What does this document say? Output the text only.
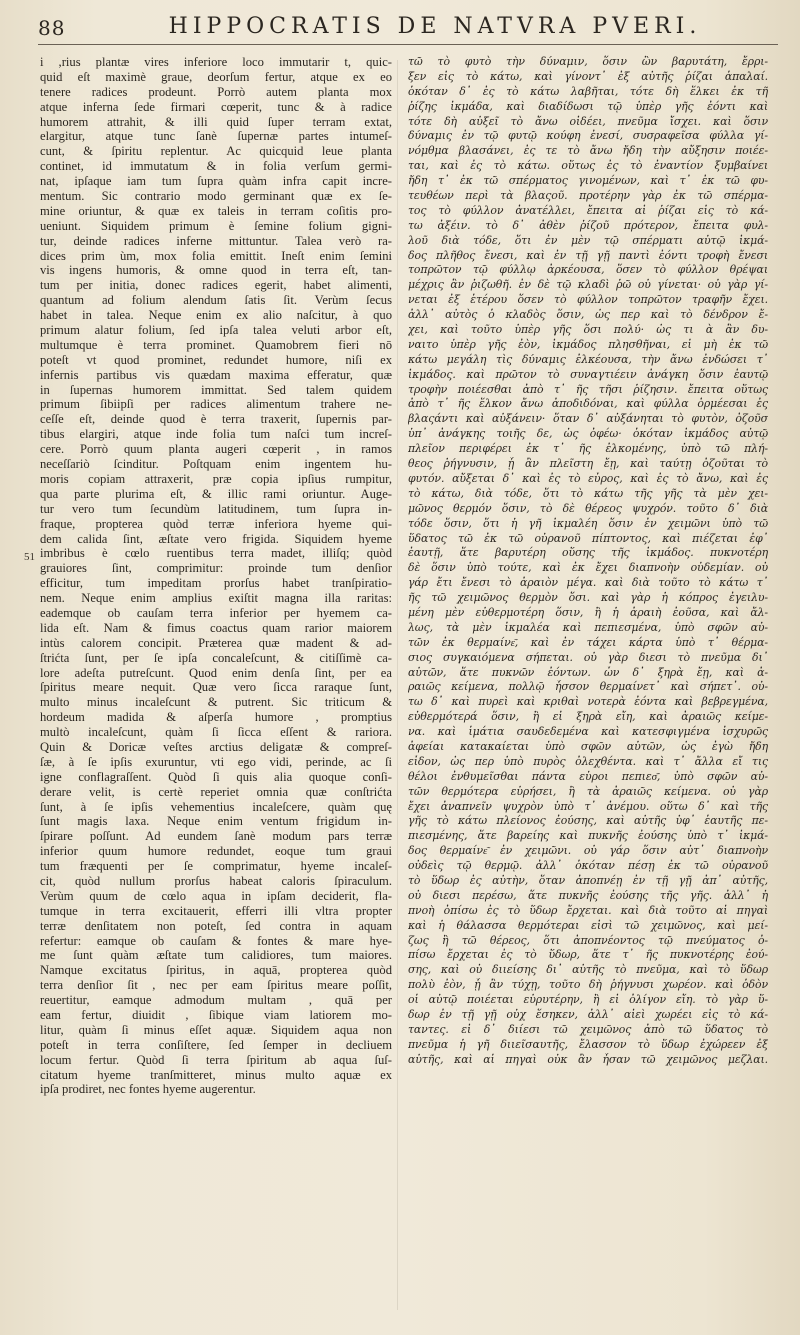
88	HIPPOCRATIS DE NATVRA PVERI.
i ,rius plantæ vires inferiore loco immutarir t, quic-
quid eſt maximè graue, deorſum fertur, atque ex eo
tenere radices prodeunt. Porrò autem planta mox
atque inferna ſede firmari cœperit, tunc & à radice
humorem attrahit, & illi quid ſuper terram extat,
elargitur, atque tunc ſanè ſupernæ partes intumeſ-
cunt, & ſpiritu replentur. Ac quicquid leue planta
continet, id immutatum & in folia verſum germi-
nat, ipſaque iam tum ſupra quàm infra capit incre-
mentum. Sic contrario modo germinant quæ ex ſe-
mine oriuntur, & quæ ex taleis in terram coſitis pro-
ueniunt. Siquidem primum è ſemine folium gigni-
tur, deinde radices inferne mittuntur. Talea verò ra-
dices prim ùm, mox folia emittit. Ineſt enim ſemini
vis ingens humoris, & omne quod in terra eſt, tan-
tum per initia, donec radices egerit, habet alimenti,
quantum ad folium alendum ſatis ſit. Verùm ſecus
habet in talea. Neque enim ex alio naſcitur, à quo
primum alatur folium, ſed ipſa talea veluti arbor eſt,
multumque è terra prominet. Quamobrem fieri nō
poteſt vt quod prominet, redundet humore, niſi ex
infernis partibus vis quædam maxima efferatur, quæ
in ſupernas humorem immittat. Sed talem quidem
primum ſibiipſi per radices alimentum trahere ne-
ceſſe eſt, deinde quod è terra traxerit, ſupernis par-
tibus elargiri, atque inde folia tum naſci tum increſ-
cere. Porrò quum planta augeri cœperit , in ramos
neceſſariò ſcinditur. Poſtquam enim ingentem hu-
moris copiam attraxerit, præ copia ipſius rumpitur,
qua parte plurima eſt, & illic rami oriuntur. Auge-
tur vero tum ſecundùm latitudinem, tum ſupra in-
fraque, propterea quòd terræ inferiora hyeme qui-
dem calida ſint, æſtate vero frigida. Siquidem hyeme
imbribus è cœlo ruentibus terra madet, illiſq; quòd
grauiores ſint, comprimitur: proinde tum denſior
efficitur, tum impeditam prorſus habet tranſpiratio-
nem. Neque enim amplius exiſtit magna illa raritas:
eademque ob cauſam terra inferior per hyemem ca-
lida eſt. Nam & fimus coactus quam rarior maiorem
intùs calorem concipit. Præterea quæ madent & ad-
ſtrićta ſunt, per ſe ipſa concaleſcunt, & citiſſimè ca-
lore adeſta putreſcunt. Quod enim denſa ſint, per ea
ſpiritus meare nequit. Quæ vero ſicca raraque ſunt,
multo minus incaleſcunt & putrent. Sic triticum &
hordeum madida & aſperſa humore , promptius
multò incaleſcunt, quàm ſi ſicca eſſent & rariora.
Quin & Doricæ veſtes arctius deligatæ & compreſ-
ſæ, à ſe ipſis exuruntur, vti ego vidi, perinde, ac ſi
igne conflagraſſent. Quòd ſi quis alia quoque conſi-
derare velit, is certè reperiet omnia quæ conſtrićta
ſunt, à ſe ipſis vehementius incaleſcere, quàm quę
ſunt magis laxa. Neque enim ventum frigidum in-
ſpirare poſſunt. Ad eundem ſanè modum pars terræ
inferior quum humore redundet, eoque tum graui
tum fræquenti per ſe comprimatur, hyeme incaleſ-
cit, quòd nullum prorſus habeat caloris ſpiraculum.
Verùm quum de cœlo aqua in ipſam deciderit, fla-
tumque in terra excitauerit, efferri illi vltra propter
terræ denſitatem non poteſt, ſed contra in aquam
refertur: eamque ob cauſam & fontes & mare hye-
me ſunt quàm æſtate tum calidiores, tum maiores.
Namque excitatus ſpiritus, in aquā, propterea quòd
terra denſior ſit , nec per eam ſpiritus meare poſſit,
reuertitur, eamque admodum multam , quā per
eam fertur, diuidit , ſibique viam latiorem mo-
litur, quàm ſi minus eſſet aquæ. Siquidem aqua non
poteſt in terra conſiſtere, ſed ſemper in decliuem
locum fertur. Quòd ſi terra ſpiritum ab aqua ſuſ-
citatum hyeme tranſmitteret, minus multo aquæ ex
ipſa prodiret, nec fontes hyeme augerentur.
τῶ τὸ φυτὸ τὴν δύναμιν, ὅσιν ὢν βαρυτάτη, ἔρρι-
ξεν εἰς τὸ κάτω, καὶ γίνοντ᾽ ἐξ αὐτῆς ῥίζαι ἁπαλαί.
ὁκόταν δ᾽ ἐς τὸ κάτω λαβῆται, τότε δὴ ἕλκει ἐκ τῆ
ῥίζης ἰκμάδα, καὶ διαδίδωσι τῷ ὑπὲρ γῆς ἐόντι καὶ
τότε δὴ αὐξεῖ τὸ ἄνω οἰδέει, πνεῦμα ἴσχει. καὶ ὅσιν
δύναμις ἐν τῷ φυτῷ κούφη ἐνεσί, συσραφεῖσα φύλλα γί-
νόμθμα βλασάνει, ἐς τε τὸ ἄνω ἤδη τὴν αὔξησιν ποιέε-
ται, καὶ ἐς τὸ κάτω. οὕτως ἐς τὸ ἐναντίον ξυμβαίνει
ἤδη τ᾽ ἐκ τῶ σπέρματος γινομένων, καὶ τ᾽ ἐκ τῶ φυ-
τευθέων περὶ τὰ βλαςοῦ. προτέρην γὰρ ἐκ τῶ σπέρμα-
τος τὸ φύλλον ἀνατέλλει, ἔπειτα αἱ ῥίζαι εἰς τὸ κά-
τω ἀξέιν. τὸ δ᾽ ἀθὲν ῥίζοῦ πρότερον, ἔπειτα φυλ-
λοῦ διὰ τόδε, ὅτι ἐν μὲν τῷ σπέρματι αὐτῷ ἰκμά-
δος πλῆθος ἔνεσι, καὶ ἐν τῇ γῇ παντὶ ἐόντι τροφὴ ἔνεσι
τοπρῶτον τῷ φύλλῳ ἀρκέουσα, ὅσεν τὸ φύλλον θρέψαι
μέχρις ἂν ῥιζωθῆ. ἐν δὲ τῷ κλαδὶ ῥῶ οὐ γίνεται· οὐ γὰρ γί-
νεται ἐξ ἑτέρου ὅσεν τὸ φύλλον τοπρῶτον τραφῆν ἔχει.
ἀλλ᾽ αὐτὸς ὁ κλαδὸς ὅσιν, ὡς περ καὶ τὸ δένδρον ἔ-
χει, καὶ τοῦτο ὑπὲρ γῆς ὅσι πολύ· ὡς τι ὰ ἂν δυ-
ναιτο ὑπὲρ γῆς ἐὸν, ἰκμάδος πλησθῆναι, εἰ μὴ ἐκ τῶ
κάτω μεγάλη τὶς δύναμις ἐλκέουσα, τὴν ἄνω ἐνδώσει τ᾽
ἰκμάδος. καὶ πρῶτον τὸ συναγτιέειν ἀνάγκη ὅσιν ἑαυτῷ
τροφὴν ποιέεσθαι ἀπὸ τ᾽ ῆς τῆσι ῥίζησιν. ἔπειτα οὕτως
ἀπὸ τ᾽ ῆς ἕλκον ἄνω ἀποδιδόναι, καὶ φύλλα ὁρμέεσαι ἐς
βλαςάντι καὶ αὐξάνειν· ὅταν δ᾽ αὐξάνηται τὸ φυτὸν, ὀζοῦσ
ὑπ᾽ ἀνάγκης τοιῆς δε, ὡς ὀφέω· ὁκόταν ἰκμάδος αὐτῷ
πλεῖον περιφέρει ἐκ τ᾽ ῆς ἐλκομένης, ὑπὸ τῶ πλή-
θεος ῥήγνυσιν, ᾗ ἂν πλεῖστη ἔῃ, καὶ ταύτῃ ὀζοῦται τὸ
φυτόν. αὔξεται δ᾽ καὶ ἐς τὸ εὖρος, καὶ ἐς τὸ ἄνω, καὶ ἐς
τὸ κάτω, διὰ τόδε, ὅτι τὸ κάτω τῆς γῆς τὰ μὲν χει-
μῶνος θερμόν ὅσιν, τὸ δὲ θέρεος ψυχρόν. τοῦτο δ᾽ διὰ
τόδε ὅσιν, ὅτι ἡ γῆ ἰκμαλέη ὅσιν ἐν χειμῶνι ὑπὸ τῶ
ὕδατος τῶ ἐκ τῶ οὐρανοῦ πίπτοντος, καὶ πιέζεται ἐφ᾽
ἑαυτῇ, ἅτε βαρυτέρη οὕσης τῆς ἰκμάδος. πυκνοτέρη
δὲ ὅσιν ὑπὸ τούτε, καὶ ἐκ ἔχει διαπνοὴν οὐδεμίαν. οὐ
γάρ ἔτι ἔνεσι τὸ ἀραιὸν μέγα. καὶ διὰ τοῦτο τὸ κάτω τ᾽
ῆς τῶ χειμῶνος θερμὸν ὅσι. καὶ γὰρ ἡ κόπρος ἐγειλυ-
μένη μὲν εὐθερμοτέρη ὅσιν, ἢ ἡ ἀραιὴ ἐοῦσα, καὶ ἄλ-
λως, τὰ μὲν ἰκμαλέα καὶ πεπιεσμένα, ὑπὸ σφῶν αὐ-
τῶν ἐκ θερμαίνε͂, καὶ ἐν τάχει κάρτα ὑπὸ τ᾽ θέρμα-
σιος συγκαιόμενα σήπεται. οὐ γὰρ διεσι τὸ πνεῦμα δι᾽
αὐτῶν, ἅτε πυκνῶν ἐόντων. ὧν δ᾽ ξηρὰ ἔῃ, καὶ ἀ-
ραιῶς κείμενα, πολλῷ ἧσσον θερμαίνετ᾽ καὶ σήπετ᾽. οὐ-
τω δ᾽ καὶ πυρεὶ καὶ κριθαὶ νοτερὰ ἐόντα καὶ βεβρεγμένα,
εὐθερμότερά ὅσιν, ἢ εἰ ξηρὰ εἴη, καὶ ἀραιῶς κείμε-
να. καὶ ἱμάτια σαυδεδεμένα καὶ κατεσφιγμένα ἰσχυρῶς
ἀφείαι κατακαίεται ὑπὸ σφῶν αὐτῶν, ὡς ἐγὼ ἤδη
εἶδον, ὡς περ ὑπὸ πυρὸς ὀλεχθέντα. καὶ τ᾽ ἄλλα εἴ τις
θέλοι ἐνθυμεῖσθαι πάντα εὑροι πεπιεσ͂, ὑπὸ σφῶν αὐ-
τῶν θερμότερα εὑρήσει, ἢ τὰ ἀραιῶς κείμενα. οὐ γὰρ
ἔχει ἀναπνεῖν ψυχρὸν ὑπὸ τ᾽ ἀνέμου. οὕτω δ᾽ καὶ τῆς
γῆς τὸ κάτω πλείονος ἐούσης, καὶ αὐτῆς ὑφ᾽ ἑαυτῆς πε-
πιεσμένης, ἅτε βαρείης καὶ πυκνῆς ἐούσης ὑπὸ τ᾽ ἰκμά-
δος θερμαίνε͂ ἐν χειμῶνι. οὐ γάρ ὅσιν αὐτ᾽ διαπνοὴν
οὐδεὶς τῷ θερμῷ. ἀλλ᾽ ὁκόταν πέσῃ ἐκ τῶ οὐρανοῦ
τὸ ὕδωρ ἐς αὐτὴν, ὅταν ἀποπνέῃ ἐν τῇ γῇ ἀπ᾽ αὐτῆς,
οὐ διεσι περέσω, ἅτε πυκνῆς ἐούσης τῆς γῆς. ἀλλ᾽ ἡ
πνοὴ ὀπίσω ἐς τὸ ὕδωρ ἔρχεται. καὶ διὰ τοῦτο αἱ πηγαὶ
καὶ ἡ θάλασσα θερμότεραι εἰσὶ τῶ χειμῶνος, καὶ μεί-
ζως ἢ τῶ θέρεος, ὅτι ἀποπνέοντος τῷ πνεύματος ὀ-
πίσω ἔρχεται ἐς τὸ ὕδωρ, ἅτε τ᾽ ῆς πυκνοτέρης ἐού-
σης, καὶ οὐ διιείσης δι᾽ αὐτῆς τὸ πνεῦμα, καὶ τὸ ὕδωρ
πολὺ ἐὸν, ᾗ ἂν τύχῃ, τοῦτο δὴ ῥήγνυσι χωρέον. καὶ ὁδὸν
οἱ αὐτῷ ποιέεται εὐρυτέρην, ἢ εἰ ὀλίγον εἴη. τὸ γὰρ ὕ-
δωρ ἐν τῇ γῇ οὐχ ἕσηκεν, ἀλλ᾽ αἰεὶ χωρέει εἰς τὸ κά-
ταντες. εἰ δ᾽ διίεσι τῶ χειμῶνος ἀπὸ τῶ ὕδατος τὸ
πνεῦμα ἡ γῆ διιεῖσαυτῆς, ἔλασσον τὸ ὕδωρ ἐχώρεεν ἐξ
αὐτῆς, καὶ αἱ πηγαὶ οὐκ ἂν ἦσαν τῶ χειμῶνος μεζλαι.
51
